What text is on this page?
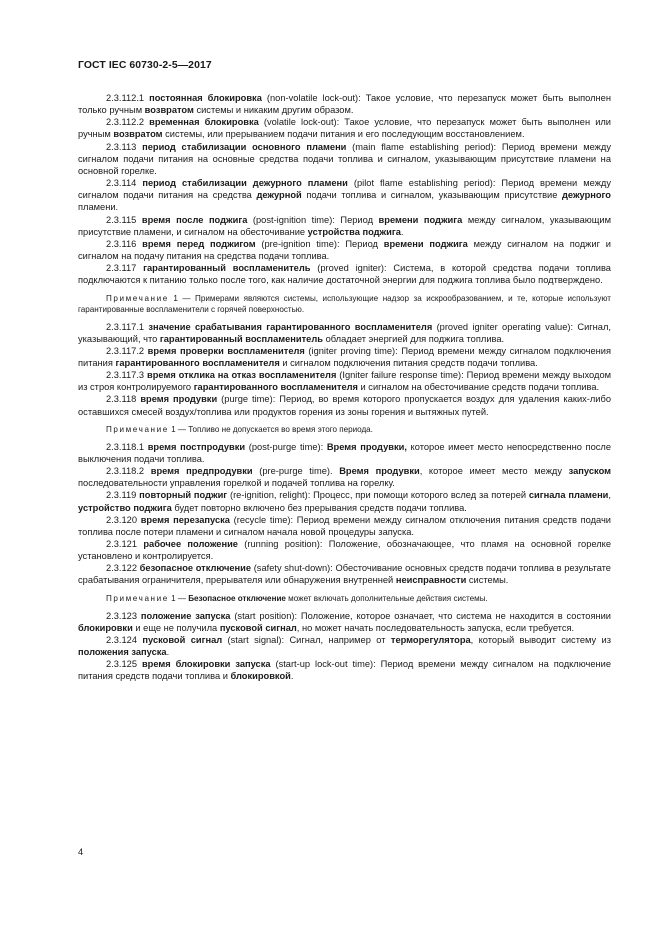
ГОСТ IEC 60730-2-5—2017

2.3.112.1 постоянная блокировка (non-volatile lock-out): Такое условие, что перезапуск может быть выполнен только ручным возвратом системы и никаким другим образом.

2.3.112.2 временная блокировка (volatile lock-out): Такое условие, что перезапуск может быть выполнен или ручным возвратом системы, или прерыванием подачи питания и его последующим восстановлением.

2.3.113 период стабилизации основного пламени (main flame establishing period): Период времени между сигналом подачи питания на основные средства подачи топлива и сигналом, указывающим присутствие пламени на основной горелке.

2.3.114 период стабилизации дежурного пламени (pilot flame establishing period): Период времени между сигналом подачи питания на средства дежурной подачи топлива и сигналом, указывающим присутствие дежурного пламени.

2.3.115 время после поджига (post-ignition time): Период времени поджига между сигналом, указывающим присутствие пламени, и сигналом на обесточивание устройства поджига.

2.3.116 время перед поджигом (pre-ignition time): Период времени поджига между сигналом на поджиг и сигналом на подачу питания на средства подачи топлива.

2.3.117 гарантированный воспламенитель (proved igniter): Система, в которой средства подачи топлива подключаются к питанию только после того, как наличие достаточной энергии для поджига топлива было подтверждено.

Примечание 1 — Примерами являются системы, использующие надзор за искрообразованием, и те, которые используют гарантированные воспламенители с горячей поверхностью.

2.3.117.1 значение срабатывания гарантированного воспламенителя (proved igniter operating value): Сигнал, указывающий, что гарантированный воспламенитель обладает энергией для поджига топлива.

2.3.117.2 время проверки воспламенителя (igniter proving time): Период времени между сигналом подключения питания гарантированного воспламенителя и сигналом подключения питания средств подачи топлива.

2.3.117.3 время отклика на отказ воспламенителя (Igniter failure response time): Период времени между выходом из строя контролируемого гарантированного воспламенителя и сигналом на обесточивание средств подачи топлива.

2.3.118 время продувки (purge time): Период, во время которого пропускается воздух для удаления каких-либо оставшихся смесей воздух/топлива или продуктов горения из зоны горения и вытяжных путей.

Примечание 1 — Топливо не допускается во время этого периода.

2.3.118.1 время постпродувки (post-purge time): Время продувки, которое имеет место непосредственно после выключения подачи топлива.

2.3.118.2 время предпродувки (pre-purge time). Время продувки, которое имеет место между запуском последовательности управления горелкой и подачей топлива на горелку.

2.3.119 повторный поджиг (re-ignition, relight): Процесс, при помощи которого вслед за потерей сигнала пламени, устройство поджига будет повторно включено без прерывания средств подачи топлива.

2.3.120 время перезапуска (recycle time): Период времени между сигналом отключения питания средств подачи топлива после потери пламени и сигналом начала новой процедуры запуска.

2.3.121 рабочее положение (running position): Положение, обозначающее, что пламя на основной горелке установлено и контролируется.

2.3.122 безопасное отключение (safety shut-down): Обесточивание основных средств подачи топлива в результате срабатывания ограничителя, прерывателя или обнаружения внутренней неисправности системы.

Примечание 1 — Безопасное отключение может включать дополнительные действия системы.

2.3.123 положение запуска (start position): Положение, которое означает, что система не находится в состоянии блокировки и еще не получила пусковой сигнал, но может начать последовательность запуска, если требуется.

2.3.124 пусковой сигнал (start signal): Сигнал, например от терморегулятора, который выводит систему из положения запуска.

2.3.125 время блокировки запуска (start-up lock-out time): Период времени между сигналом на подключение питания средств подачи топлива и блокировкой.

4
